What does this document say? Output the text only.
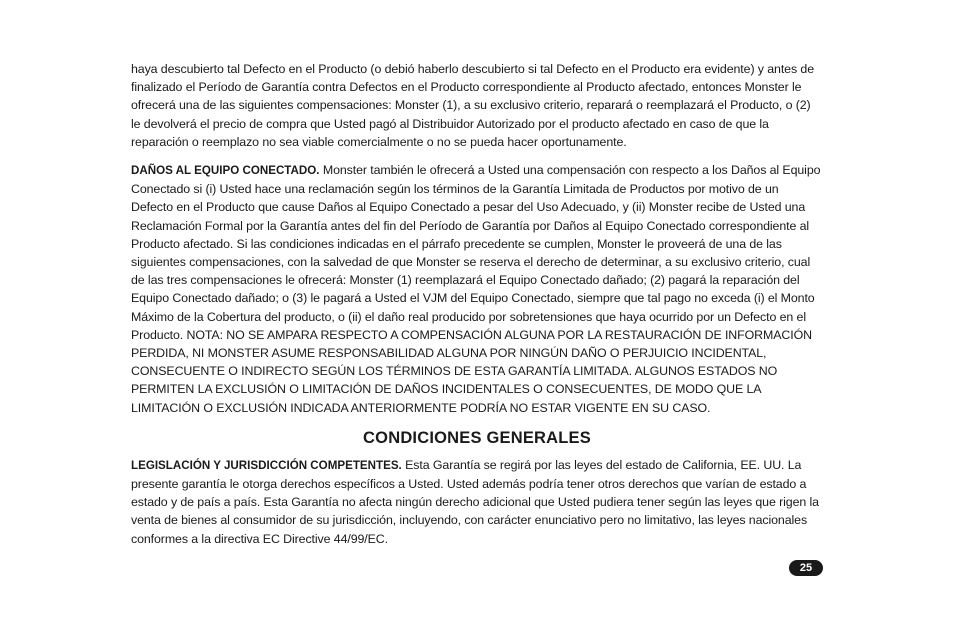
haya descubierto tal Defecto en el Producto (o debió haberlo descubierto si tal Defecto en el Producto era evidente) y antes de finalizado el Período de Garantía contra Defectos en el Producto correspondiente al Producto afectado, entonces Monster le ofrecerá una de las siguientes compensaciones: Monster (1), a su exclusivo criterio, reparará o reemplazará el Producto, o (2) le devolverá el precio de compra que Usted pagó al Distribuidor Autorizado por el producto afectado en caso de que la reparación o reemplazo no sea viable comercialmente o no se pueda hacer oportunamente.

DAÑOS AL EQUIPO CONECTADO. Monster también le ofrecerá a Usted una compensación con respecto a los Daños al Equipo Conectado si (i) Usted hace una reclamación según los términos de la Garantía Limitada de Productos por motivo de un Defecto en el Producto que cause Daños al Equipo Conectado a pesar del Uso Adecuado, y (ii) Monster recibe de Usted una Reclamación Formal por la Garantía antes del fin del Período de Garantía por Daños al Equipo Conectado correspondiente al Producto afectado. Si las condiciones indicadas en el párrafo precedente se cumplen, Monster le proveerá de una de las siguientes compensaciones, con la salvedad de que Monster se reserva el derecho de determinar, a su exclusivo criterio, cual de las tres compensaciones le ofrecerá: Monster (1) reemplazará el Equipo Conectado dañado; (2) pagará la reparación del Equipo Conectado dañado; o (3) le pagará a Usted el VJM del Equipo Conectado, siempre que tal pago no exceda (i) el Monto Máximo de la Cobertura del producto, o (ii) el daño real producido por sobretensiones que haya ocurrido por un Defecto en el Producto. NOTA: NO SE AMPARA RESPECTO A COMPENSACIÓN ALGUNA POR LA RESTAURACIÓN DE INFORMACIÓN PERDIDA, NI MONSTER ASUME RESPONSABILIDAD ALGUNA POR NINGÚN DAÑO O PERJUICIO INCIDENTAL, CONSECUENTE O INDIRECTO SEGÚN LOS TÉRMINOS DE ESTA GARANTÍA LIMITADA. ALGUNOS ESTADOS NO PERMITEN LA EXCLUSIÓN O LIMITACIÓN DE DAÑOS INCIDENTALES O CONSECUENTES, DE MODO QUE LA LIMITACIÓN O EXCLUSIÓN INDICADA ANTERIORMENTE PODRÍA NO ESTAR VIGENTE EN SU CASO.

CONDICIONES GENERALES

LEGISLACIÓN Y JURISDICCIÓN COMPETENTES. Esta Garantía se regirá por las leyes del estado de California, EE. UU. La presente garantía le otorga derechos específicos a Usted. Usted además podría tener otros derechos que varían de estado a estado y de país a país. Esta Garantía no afecta ningún derecho adicional que Usted pudiera tener según las leyes que rigen la venta de bienes al consumidor de su jurisdicción, incluyendo, con carácter enunciativo pero no limitativo, las leyes nacionales conformes a la directiva EC Directive 44/99/EC.

25
